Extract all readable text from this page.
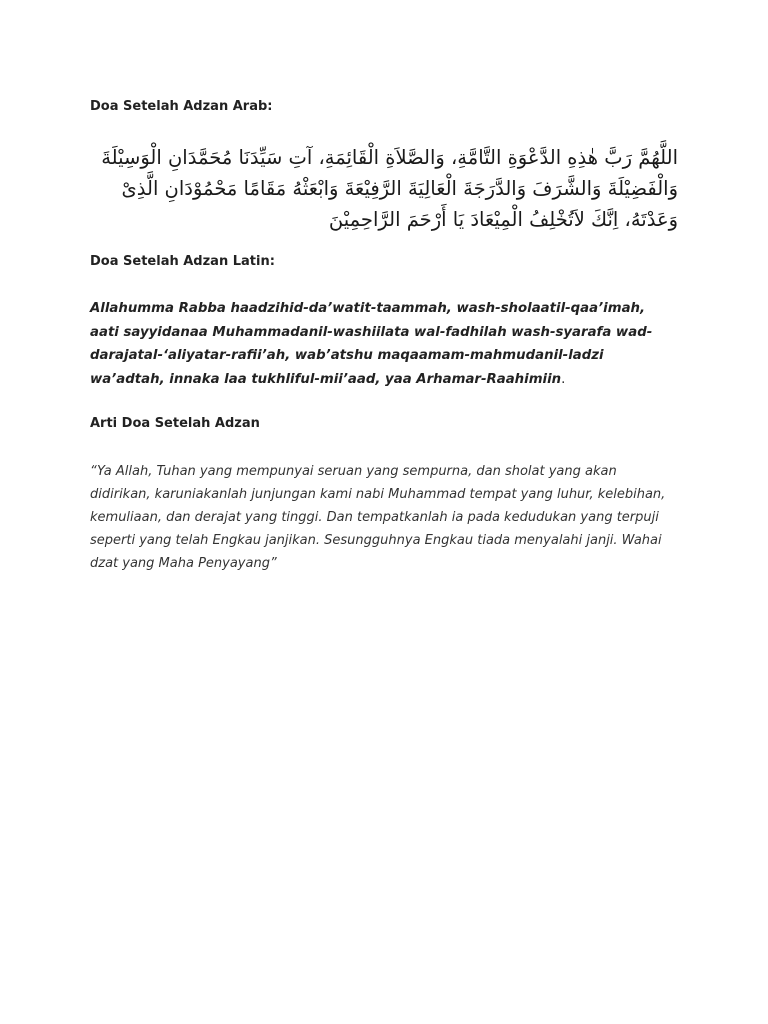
Doa Setelah Adzan Arab:
اللَّهُمَّ رَبَّ هٰذِهِ الدَّعْوَةِ التَّامَّةِ، وَالصَّلاَةِ الْقَائِمَةِ، آتِ سَيِّدَنَا مُحَمَّدَانِ الْوَسِيْلَةَ وَالْفَضِيْلَةَ وَالشَّرَفَ وَالدَّرَجَةَ الْعَالِيَةَ الرَّفِيْعَةَ وَابْعَثْهُ مَقَامًا مَحْمُوْدَانِ الَّذِىْ وَعَدْتَهُ، اِنَّكَ لاَتُخْلِفُ الْمِيْعَادَ يَا أَرْحَمَ الرَّاحِمِيْنَ
Doa Setelah Adzan Latin:
Allahumma Rabba haadzihid-da’watit-taammah, wash-sholaatil-qaa’imah, aati sayyidanaa Muhammadanil-washiilata wal-fadhilah wash-syarafa wad-darajatal-‘aliyatar-rafii’ah, wab’atshu maqaamam-mahmudanil-ladzi wa’adtah, innaka laa tukhliful-mii’aad, yaa Arhamar-Raahimiin.
Arti Doa Setelah Adzan
“Ya Allah, Tuhan yang mempunyai seruan yang sempurna, dan sholat yang akan didirikan, karuniakanlah junjungan kami nabi Muhammad tempat yang luhur, kelebihan, kemuliaan, dan derajat yang tinggi. Dan tempatkanlah ia pada kedudukan yang terpuji seperti yang telah Engkau janjikan. Sesungguhnya Engkau tiada menyalahi janji. Wahai dzat yang Maha Penyayang”
